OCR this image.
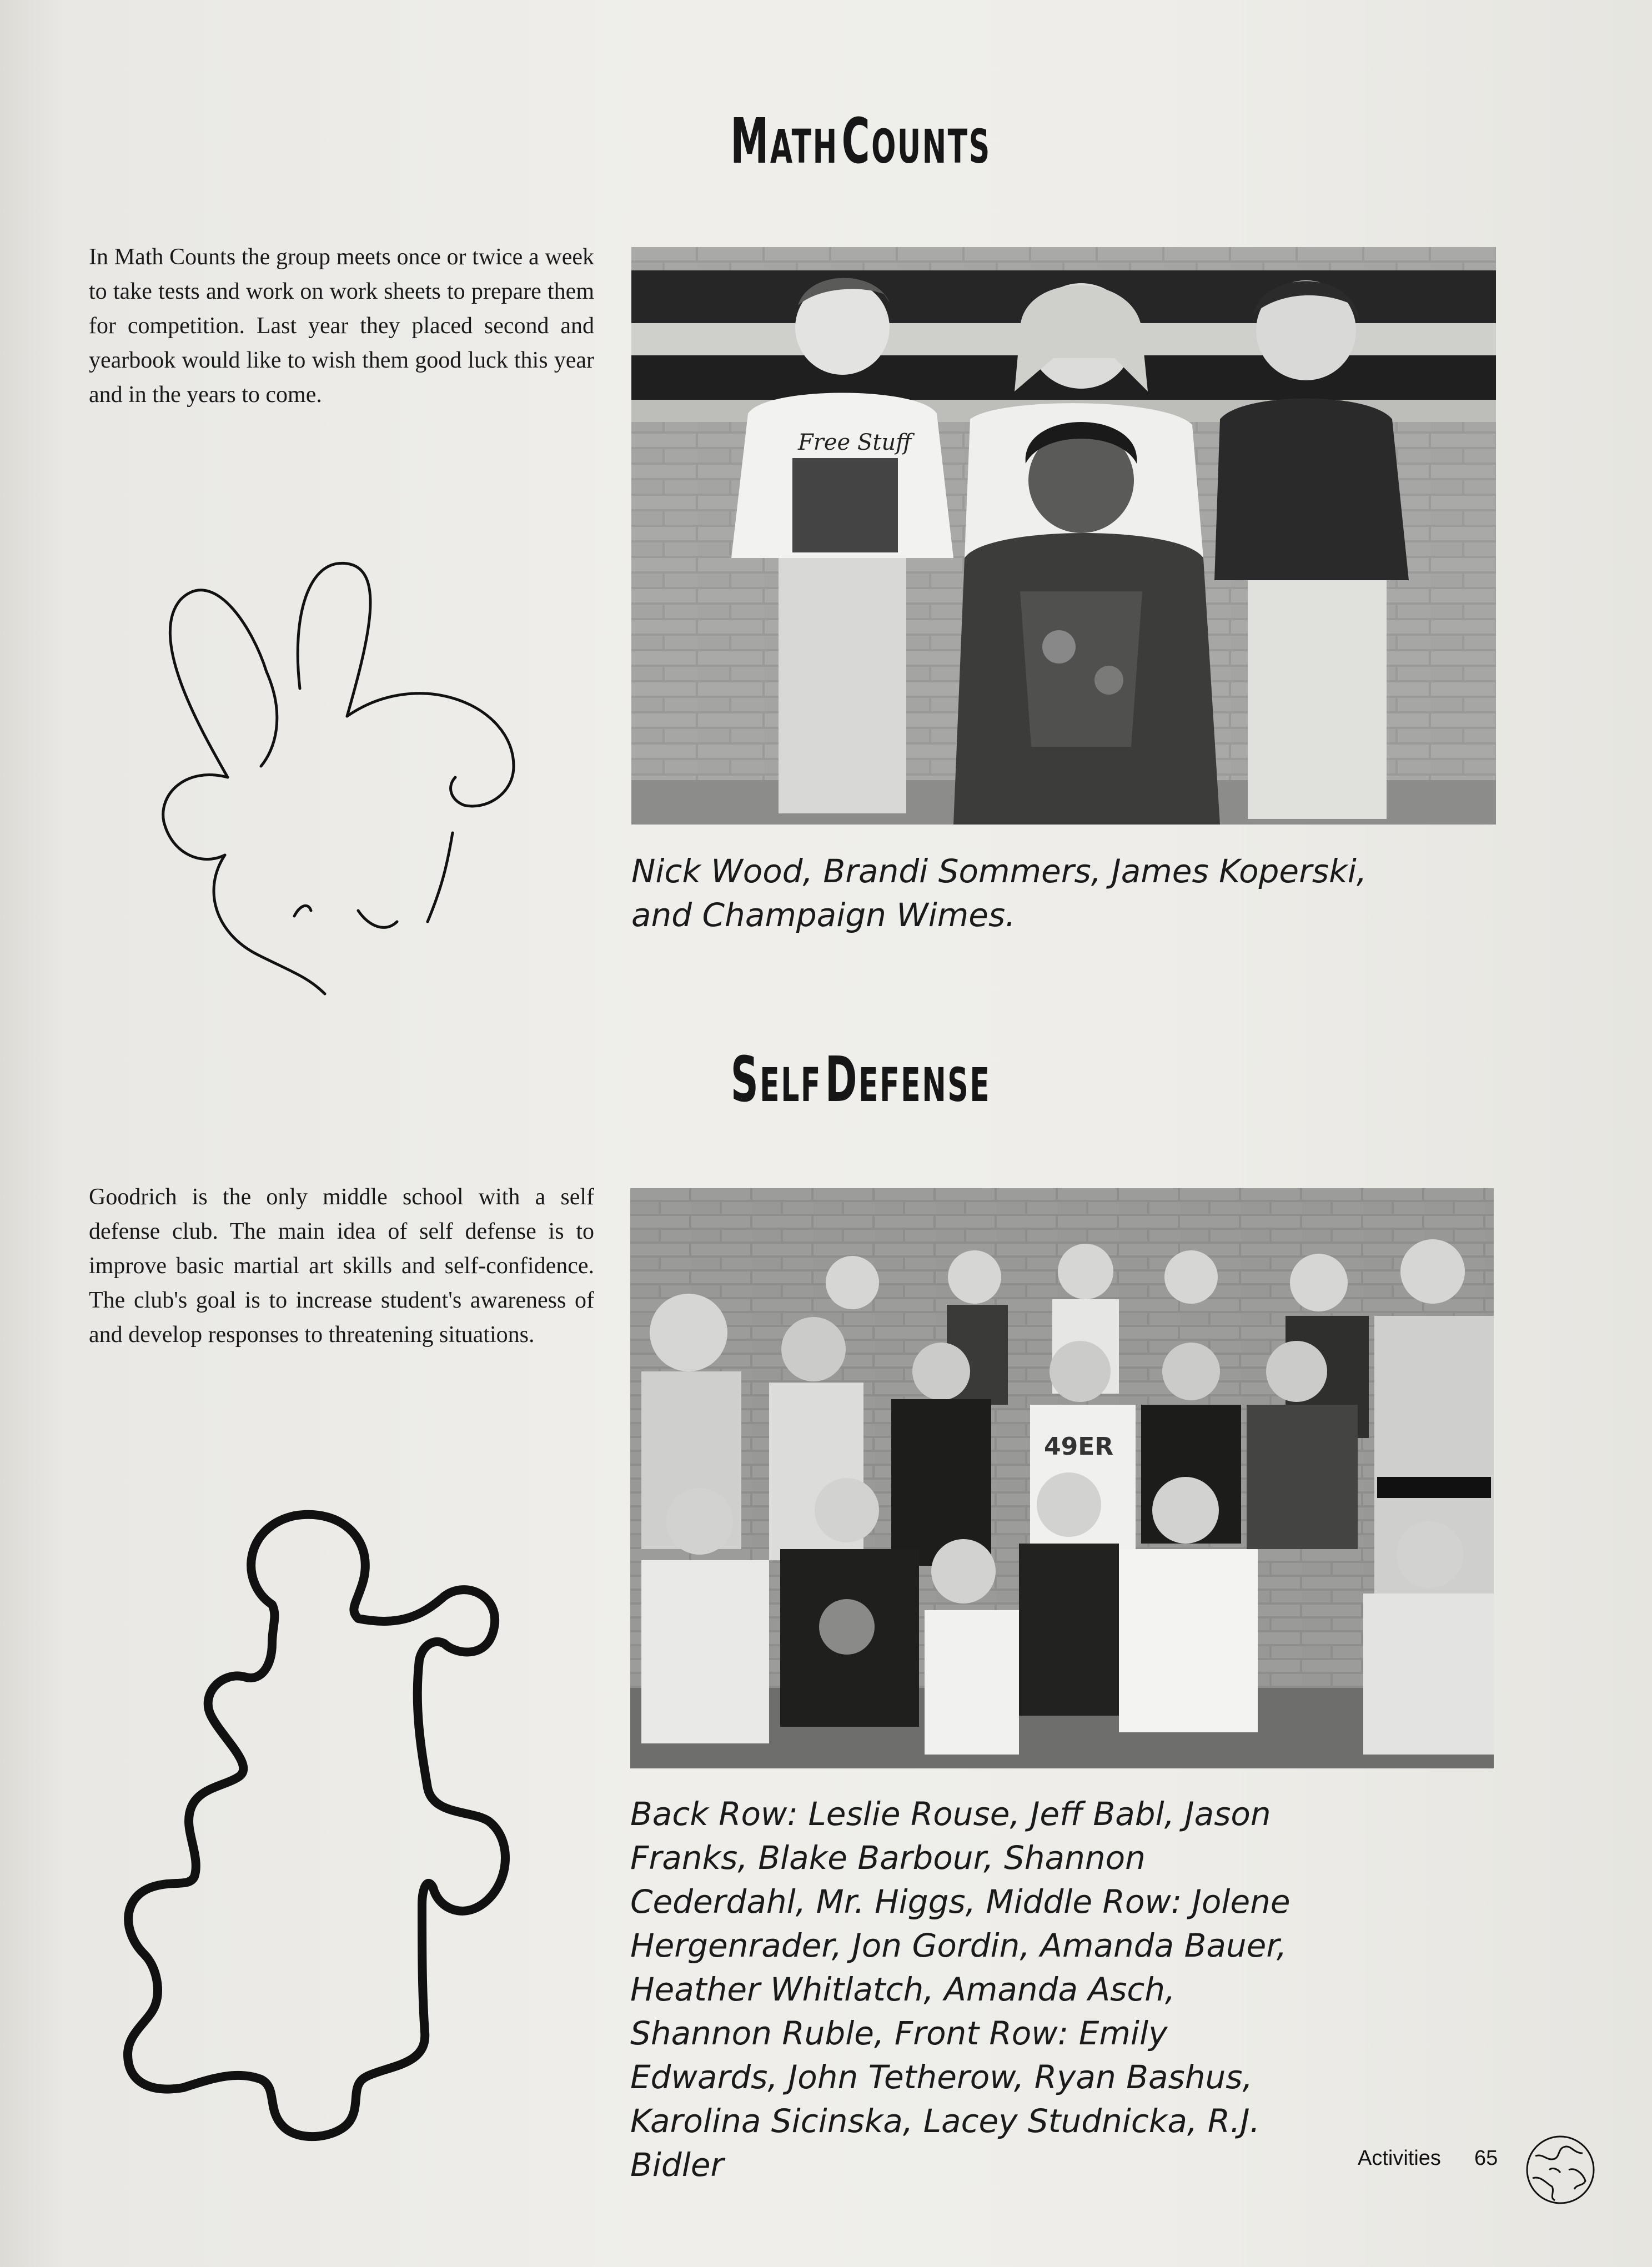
MATH COUNTS
In Math Counts the group meets once or twice a week to take tests and work on work sheets to prepare them for competition. Last year they placed second and yearbook would like to wish them good luck this year and in the years to come.
Free Stuff
Nick Wood, Brandi Sommers, James Koperski, and Champaign Wimes.
SELF DEFENSE
Goodrich is the only middle school with a self defense club. The main idea of self defense is to improve basic martial art skills and self-confidence. The club's goal is to increase student's awareness of and develop responses to threatening situations.
49ER
Back Row: Leslie Rouse, Jeff Babl, Jason Franks, Blake Barbour, Shannon Cederdahl, Mr. Higgs, Middle Row: Jolene Hergenrader, Jon Gordin, Amanda Bauer, Heather Whitlatch, Amanda Asch, Shannon Ruble, Front Row: Emily Edwards, John Tetherow, Ryan Bashus, Karolina Sicinska, Lacey Studnicka, R.J. Bidler	Activities 65
